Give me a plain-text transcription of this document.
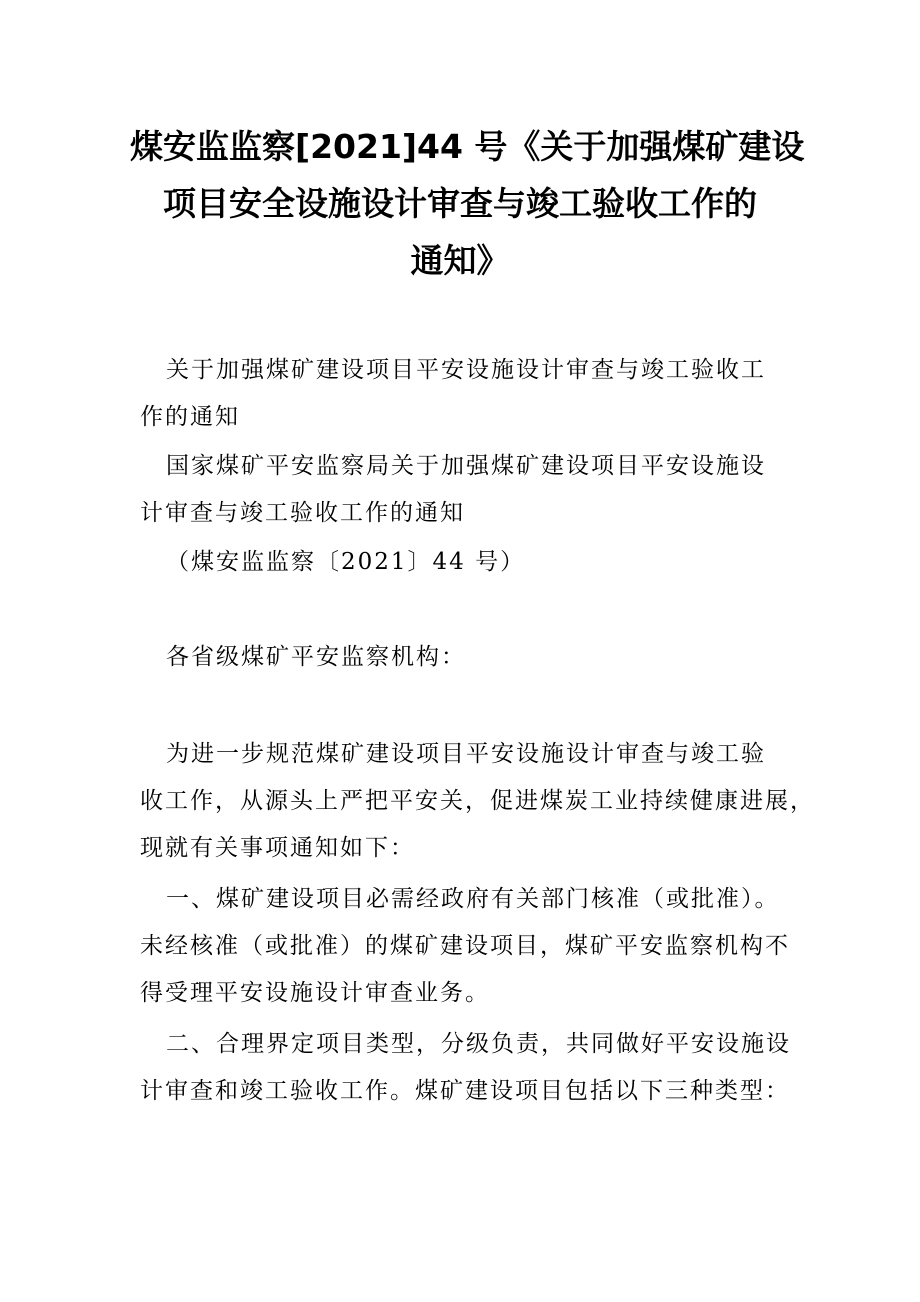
煤安监监察[2021]44 号《关于加强煤矿建设
项目安全设施设计审查与竣工验收工作的
通知》
关于加强煤矿建设项目平安设施设计审查与竣工验收工
作的通知
国家煤矿平安监察局关于加强煤矿建设项目平安设施设
计审查与竣工验收工作的通知
（煤安监监察〔2021〕44 号）
各省级煤矿平安监察机构：
为进一步规范煤矿建设项目平安设施设计审查与竣工验
收工作，从源头上严把平安关，促进煤炭工业持续健康进展，
现就有关事项通知如下：
一、煤矿建设项目必需经政府有关部门核准（或批准）。
未经核准（或批准）的煤矿建设项目，煤矿平安监察机构不
得受理平安设施设计审查业务。
二、合理界定项目类型，分级负责，共同做好平安设施设
计审查和竣工验收工作。煤矿建设项目包括以下三种类型：
